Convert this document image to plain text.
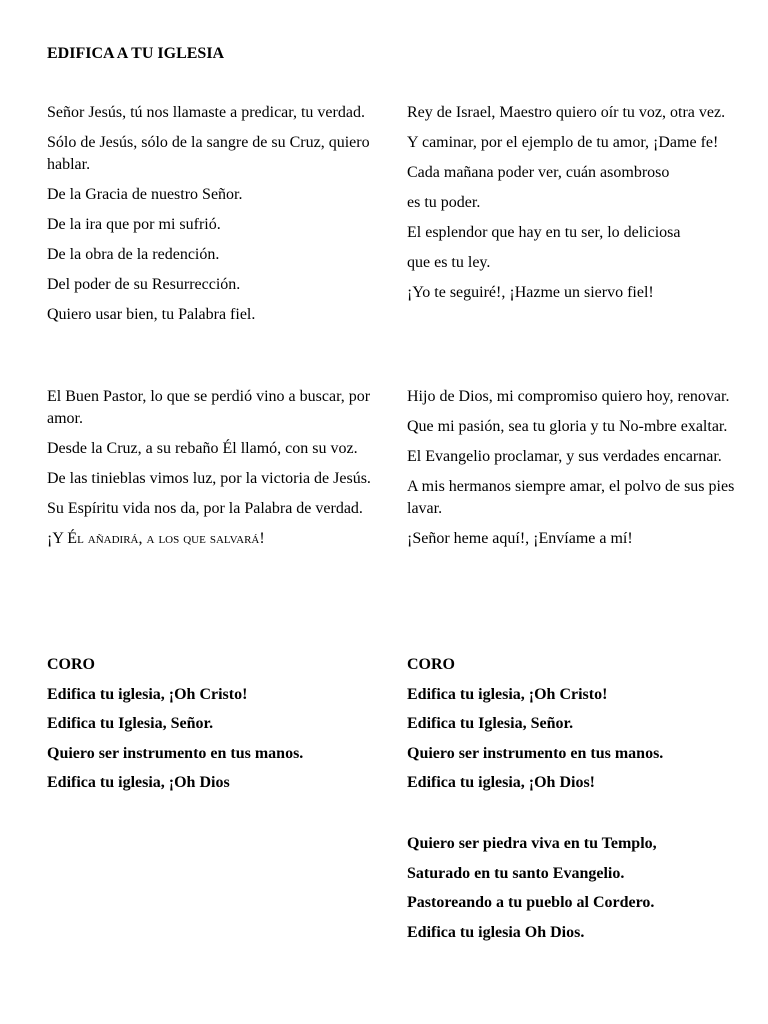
EDIFICA A TU IGLESIA

Señor Jesús, tú nos llamaste a predicar, tu verdad.

Sólo de Jesús, sólo de la sangre de su Cruz, quiero hablar.

De la Gracia de nuestro Señor.

De la ira que por mi sufrió.

De la obra de la redención.

Del poder de su Resurrección.

Quiero usar bien, tu Palabra fiel.

El Buen Pastor, lo que se perdió vino a buscar, por amor.

Desde la Cruz, a su rebaño Él llamó, con su voz.

De las tinieblas vimos luz, por la victoria de Jesús.

Su Espíritu vida nos da, por la Palabra de verdad.

¡Y Él añadirá, a los que salvará!

CORO

Edifica tu iglesia, ¡Oh Cristo!

Edifica tu Iglesia, Señor.

Quiero ser instrumento en tus manos.

Edifica tu iglesia, ¡Oh Dios

Rey de Israel, Maestro quiero oír tu voz, otra vez.

Y caminar, por el ejemplo de tu amor, ¡Dame fe!

Cada mañana poder ver, cuán asombroso

es tu poder.

El esplendor que hay en tu ser, lo deliciosa

que es tu ley.

¡Yo te seguiré!, ¡Hazme un siervo fiel!

Hijo de Dios, mi compromiso quiero hoy, renovar.

Que mi pasión, sea tu gloria y tu No-mbre exaltar.

El Evangelio proclamar, y sus verdades encarnar.

A mis hermanos siempre amar, el polvo de sus pies lavar.

¡Señor heme aquí!, ¡Envíame a mí!

CORO

Edifica tu iglesia, ¡Oh Cristo!

Edifica tu Iglesia, Señor.

Quiero ser instrumento en tus manos.

Edifica tu iglesia, ¡Oh Dios!

Quiero ser piedra viva en tu Templo,

Saturado en tu santo Evangelio.

Pastoreando a tu pueblo al Cordero.

Edifica tu iglesia Oh Dios.
